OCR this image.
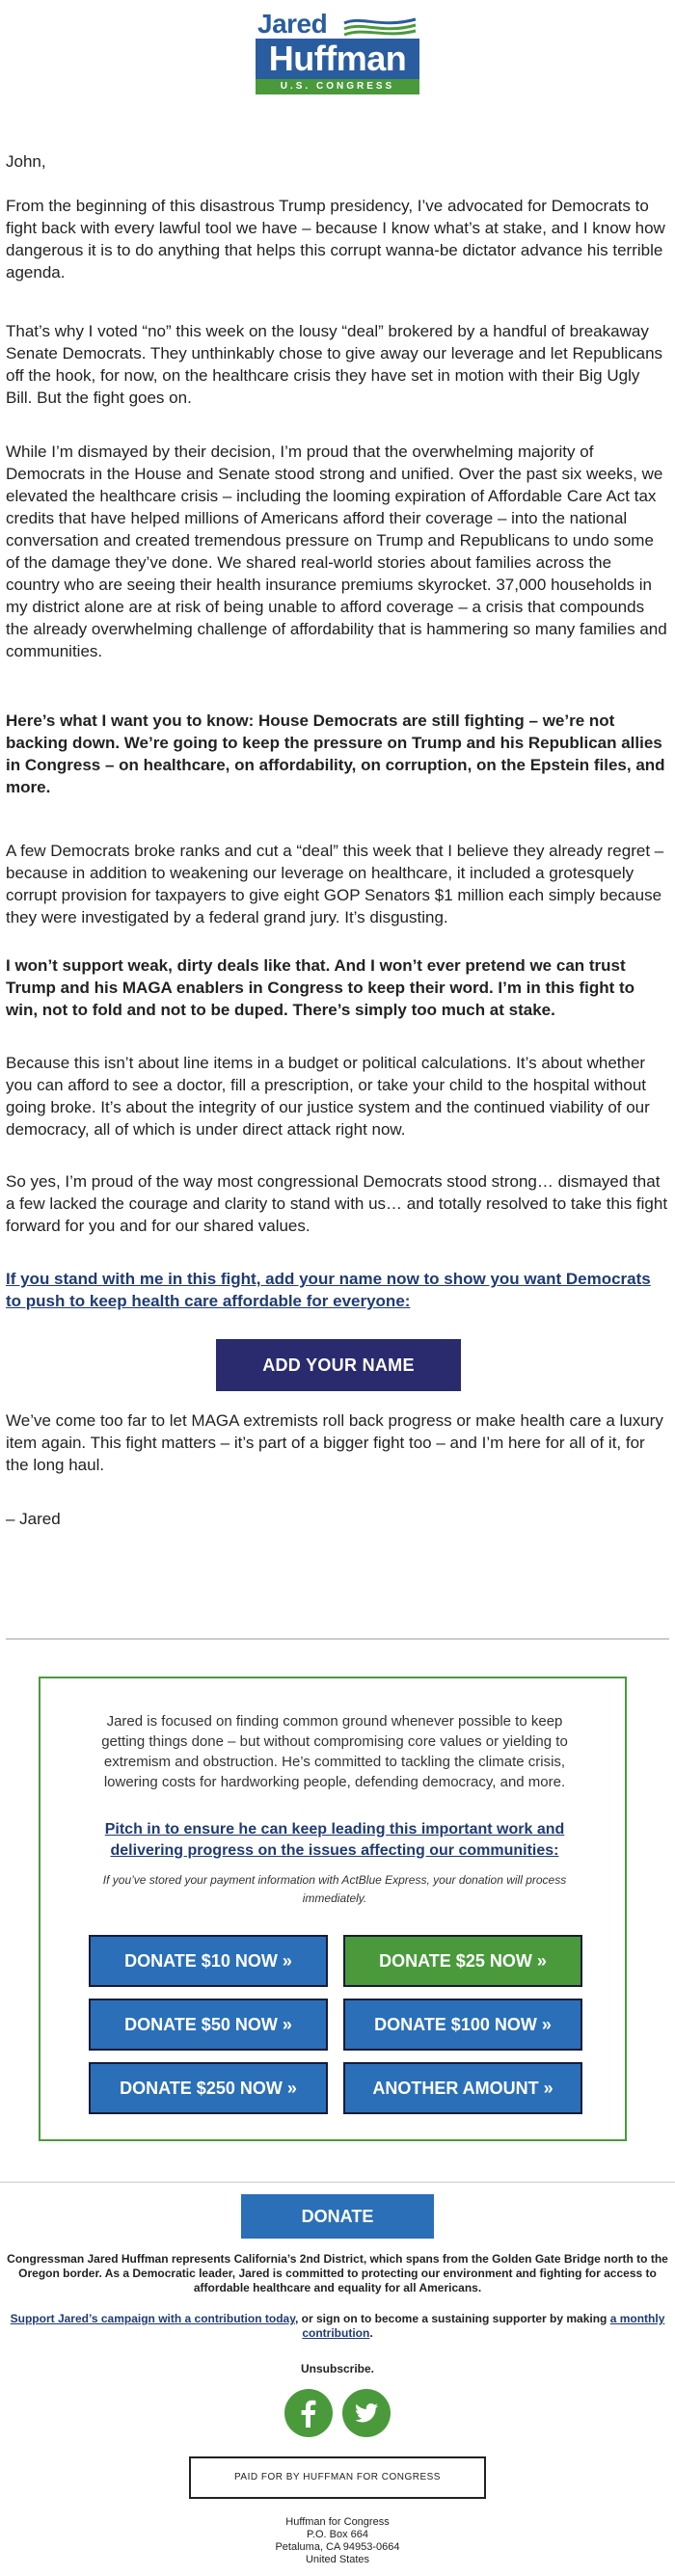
Jared
Huffman
U.S. CONGRESS

John,

From the beginning of this disastrous Trump presidency, I’ve advocated for Democrats to fight back with every lawful tool we have – because I know what’s at stake, and I know how dangerous it is to do anything that helps this corrupt wanna-be dictator advance his terrible agenda.

That’s why I voted “no” this week on the lousy “deal” brokered by a handful of breakaway Senate Democrats. They unthinkably chose to give away our leverage and let Republicans off the hook, for now, on the healthcare crisis they have set in motion with their Big Ugly Bill. But the fight goes on.

While I’m dismayed by their decision, I’m proud that the overwhelming majority of Democrats in the House and Senate stood strong and unified. Over the past six weeks, we elevated the healthcare crisis – including the looming expiration of Affordable Care Act tax credits that have helped millions of Americans afford their coverage – into the national conversation and created tremendous pressure on Trump and Republicans to undo some of the damage they’ve done. We shared real-world stories about families across the country who are seeing their health insurance premiums skyrocket. 37,000 households in my district alone are at risk of being unable to afford coverage – a crisis that compounds the already overwhelming challenge of affordability that is hammering so many families and communities.

Here’s what I want you to know: House Democrats are still fighting – we’re not backing down. We’re going to keep the pressure on Trump and his Republican allies in Congress – on healthcare, on affordability, on corruption, on the Epstein files, and more.

A few Democrats broke ranks and cut a “deal” this week that I believe they already regret – because in addition to weakening our leverage on healthcare, it included a grotesquely corrupt provision for taxpayers to give eight GOP Senators $1 million each simply because they were investigated by a federal grand jury. It’s disgusting.

I won’t support weak, dirty deals like that. And I won’t ever pretend we can trust Trump and his MAGA enablers in Congress to keep their word. I’m in this fight to win, not to fold and not to be duped. There’s simply too much at stake.

Because this isn’t about line items in a budget or political calculations. It’s about whether you can afford to see a doctor, fill a prescription, or take your child to the hospital without going broke. It’s about the integrity of our justice system and the continued viability of our democracy, all of which is under direct attack right now.

So yes, I’m proud of the way most congressional Democrats stood strong… dismayed that a few lacked the courage and clarity to stand with us… and totally resolved to take this fight forward for you and for our shared values.

If you stand with me in this fight, add your name now to show you want Democrats to push to keep health care affordable for everyone:

We’ve come too far to let MAGA extremists roll back progress or make health care a luxury item again. This fight matters – it’s part of a bigger fight too – and I’m here for all of it, for the long haul.

– Jared

ADD YOUR NAME

Jared is focused on finding common ground whenever possible to keep getting things done – but without compromising core values or yielding to extremism and obstruction. He’s committed to tackling the climate crisis, lowering costs for hardworking people, defending democracy, and more.

Pitch in to ensure he can keep leading this important work and delivering progress on the issues affecting our communities:

If you’ve stored your payment information with ActBlue Express, your donation will process immediately.

DONATE $10 NOW »	DONATE $25 NOW »
DONATE $50 NOW »	DONATE $100 NOW »
DONATE $250 NOW »	ANOTHER AMOUNT »
DONATE

Congressman Jared Huffman represents California’s 2nd District, which spans from the Golden Gate Bridge north to the Oregon border. As a Democratic leader, Jared is committed to protecting our environment and fighting for access to affordable healthcare and equality for all Americans.

Support Jared’s campaign with a contribution today, or sign on to become a sustaining supporter by making a monthly contribution.

Unsubscribe.

PAID FOR BY HUFFMAN FOR CONGRESS
Huffman for Congress
P.O. Box 664
Petaluma, CA 94953-0664
United States
